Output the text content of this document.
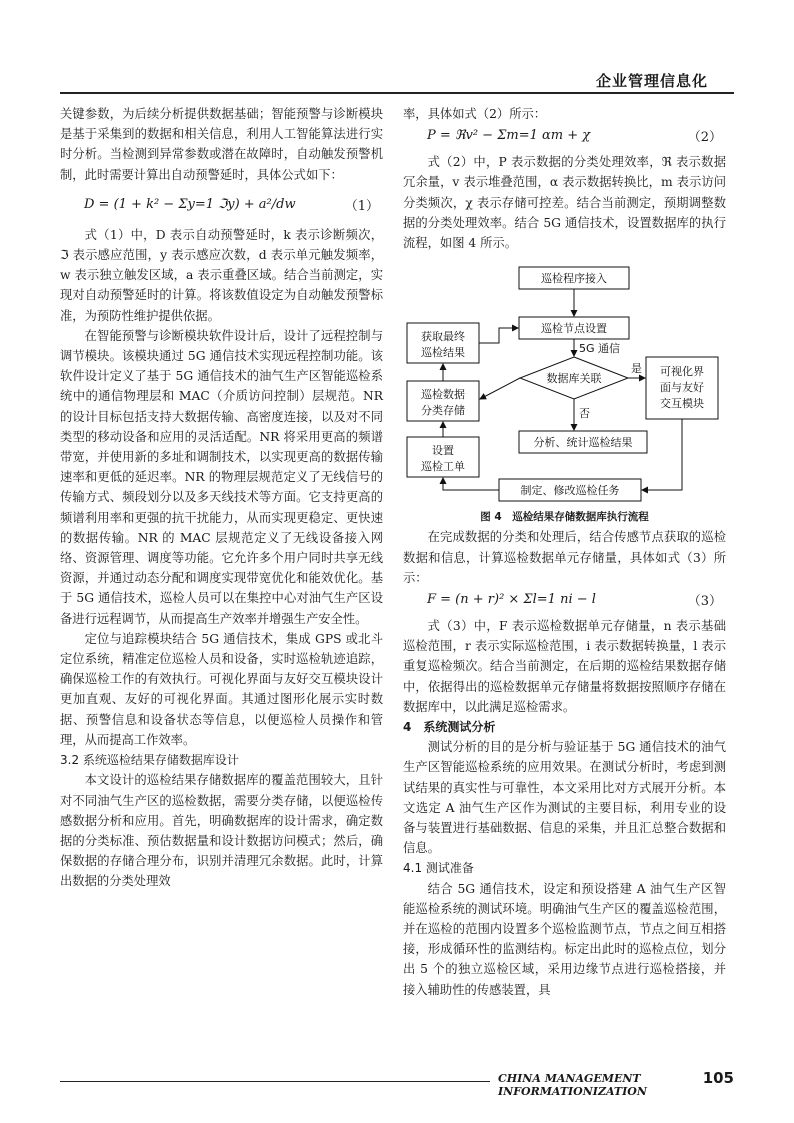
企业管理信息化

关键参数，为后续分析提供数据基础；智能预警与诊断模块是基于采集到的数据和相关信息，利用人工智能算法进行实时分析。当检测到异常参数或潜在故障时，自动触发预警机制，此时需要计算出自动预警延时，具体公式如下：

D = (1 + k² − Σy=1 ℑy) + a²/dw	（1）

式（1）中，D 表示自动预警延时，k 表示诊断频次，ℑ 表示感应范围，y 表示感应次数，d 表示单元触发频率，w 表示独立触发区域，a 表示重叠区域。结合当前测定，实现对自动预警延时的计算。将该数值设定为自动触发预警标准，为预防性维护提供依据。

在智能预警与诊断模块软件设计后，设计了远程控制与调节模块。该模块通过 5G 通信技术实现远程控制功能。该软件设计定义了基于 5G 通信技术的油气生产区智能巡检系统中的通信物理层和 MAC（介质访问控制）层规范。NR 的设计目标包括支持大数据传输、高密度连接，以及对不同类型的移动设备和应用的灵活适配。NR 将采用更高的频谱带宽，并使用新的多址和调制技术，以实现更高的数据传输速率和更低的延迟率。NR 的物理层规范定义了无线信号的传输方式、频段划分以及多天线技术等方面。它支持更高的频谱利用率和更强的抗干扰能力，从而实现更稳定、更快速的数据传输。NR 的 MAC 层规范定义了无线设备接入网络、资源管理、调度等功能。它允许多个用户同时共享无线资源，并通过动态分配和调度实现带宽优化和能效优化。基于 5G 通信技术，巡检人员可以在集控中心对油气生产区设备进行远程调节，从而提高生产效率并增强生产安全性。

定位与追踪模块结合 5G 通信技术，集成 GPS 或北斗定位系统，精准定位巡检人员和设备，实时巡检轨迹追踪，确保巡检工作的有效执行。可视化界面与友好交互模块设计更加直观、友好的可视化界面。其通过图形化展示实时数据、预警信息和设备状态等信息，以便巡检人员操作和管理，从而提高工作效率。

3.2 系统巡检结果存储数据库设计

本文设计的巡检结果存储数据库的覆盖范围较大，且针对不同油气生产区的巡检数据，需要分类存储，以便巡检传感数据分析和应用。首先，明确数据库的设计需求，确定数据的分类标准、预估数据量和设计数据访问模式；然后，确保数据的存储合理分布，识别并清理冗余数据。此时，计算出数据的分类处理效

率，具体如式（2）所示：

P = ℜv² − Σm=1 αm + χ	（2）

式（2）中，P 表示数据的分类处理效率，ℜ 表示数据冗余量，v 表示堆叠范围，α 表示数据转换比，m 表示访问分类频次，χ 表示存储可控差。结合当前测定，预期调整数据的分类处理效率。结合 5G 通信技术，设置数据库的执行流程，如图 4 所示。

巡检程序接入
巡检节点设置
数据库关联
可视化界
面与友好
交互模块
分析、统计巡检结果
制定、修改巡检任务
获取最终
巡检结果
巡检数据
分类存储
设置
巡检工单
5G 通信
是
否

图 4　巡检结果存储数据库执行流程

在完成数据的分类和处理后，结合传感节点获取的巡检数据和信息，计算巡检数据单元存储量，具体如式（3）所示：

F = (n + r)² × Σl=1 ni − l	（3）

式（3）中，F 表示巡检数据单元存储量，n 表示基础巡检范围，r 表示实际巡检范围，i 表示数据转换量，l 表示重复巡检频次。结合当前测定，在后期的巡检结果数据存储中，依据得出的巡检数据单元存储量将数据按照顺序存储在数据库中，以此满足巡检需求。

4　系统测试分析

测试分析的目的是分析与验证基于 5G 通信技术的油气生产区智能巡检系统的应用效果。在测试分析时，考虑到测试结果的真实性与可靠性，本文采用比对方式展开分析。本文选定 A 油气生产区作为测试的主要目标，利用专业的设备与装置进行基础数据、信息的采集，并且汇总整合数据和信息。

4.1 测试准备

结合 5G 通信技术，设定和预设搭建 A 油气生产区智能巡检系统的测试环境。明确油气生产区的覆盖巡检范围，并在巡检的范围内设置多个巡检监测节点，节点之间互相搭接，形成循环性的监测结构。标定出此时的巡检点位，划分出 5 个的独立巡检区域，采用边缘节点进行巡检搭接，并接入辅助性的传感装置，具

CHINA MANAGEMENT INFORMATIONIZATION
105
